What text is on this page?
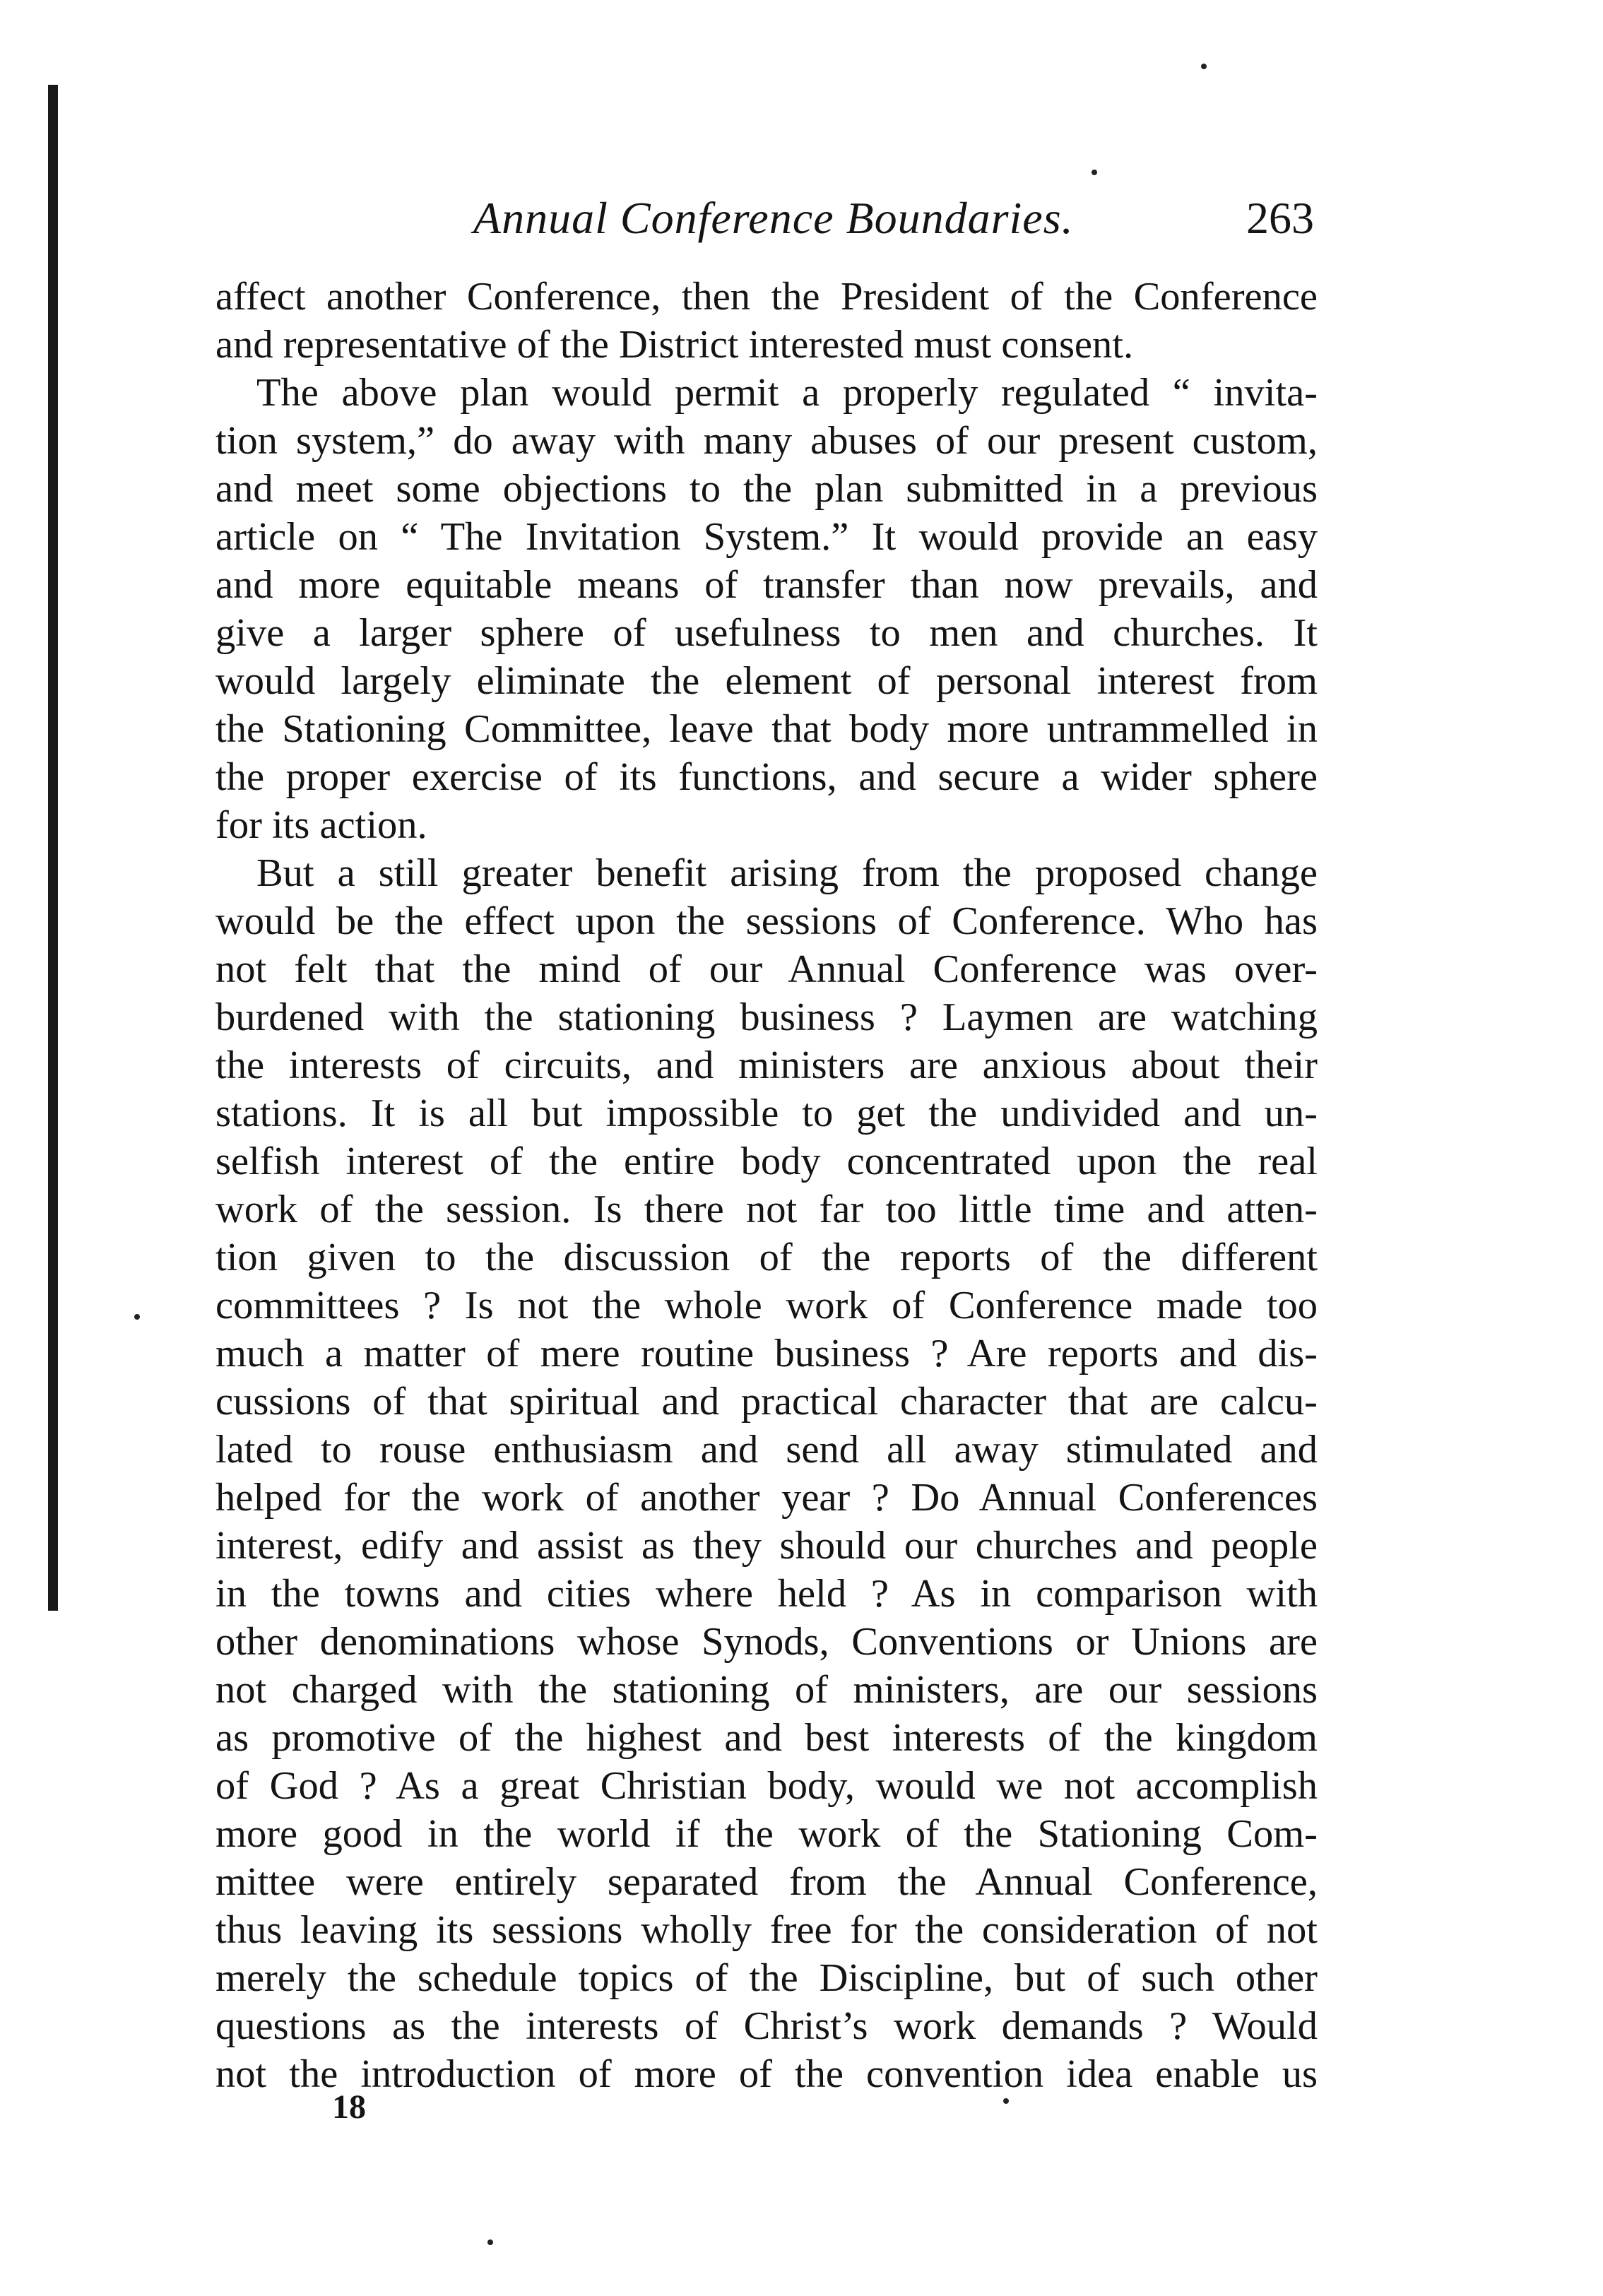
Annual Conference Boundaries.	263
affect another Conference, then the President of the Conference
and representative of the District interested must consent.
The above plan would permit a properly regulated “ invita-
tion system,” do away with many abuses of our present custom,
and meet some objections to the plan submitted in a previous
article on “ The Invitation System.” It would provide an easy
and more equitable means of transfer than now prevails, and
give a larger sphere of usefulness to men and churches. It
would largely eliminate the element of personal interest from
the Stationing Committee, leave that body more untrammelled in
the proper exercise of its functions, and secure a wider sphere
for its action.
But a still greater benefit arising from the proposed change
would be the effect upon the sessions of Conference. Who has
not felt that the mind of our Annual Conference was over-
burdened with the stationing business ? Laymen are watching
the interests of circuits, and ministers are anxious about their
stations. It is all but impossible to get the undivided and un-
selfish interest of the entire body concentrated upon the real
work of the session. Is there not far too little time and atten-
tion given to the discussion of the reports of the different
committees ? Is not the whole work of Conference made too
much a matter of mere routine business ? Are reports and dis-
cussions of that spiritual and practical character that are calcu-
lated to rouse enthusiasm and send all away stimulated and
helped for the work of another year ? Do Annual Conferences
interest, edify and assist as they should our churches and people
in the towns and cities where held ? As in comparison with
other denominations whose Synods, Conventions or Unions are
not charged with the stationing of ministers, are our sessions
as promotive of the highest and best interests of the kingdom
of God ? As a great Christian body, would we not accomplish
more good in the world if the work of the Stationing Com-
mittee were entirely separated from the Annual Conference,
thus leaving its sessions wholly free for the consideration of not
merely the schedule topics of the Discipline, but of such other
questions as the interests of Christ’s work demands ? Would
not the introduction of more of the convention idea enable us
18
